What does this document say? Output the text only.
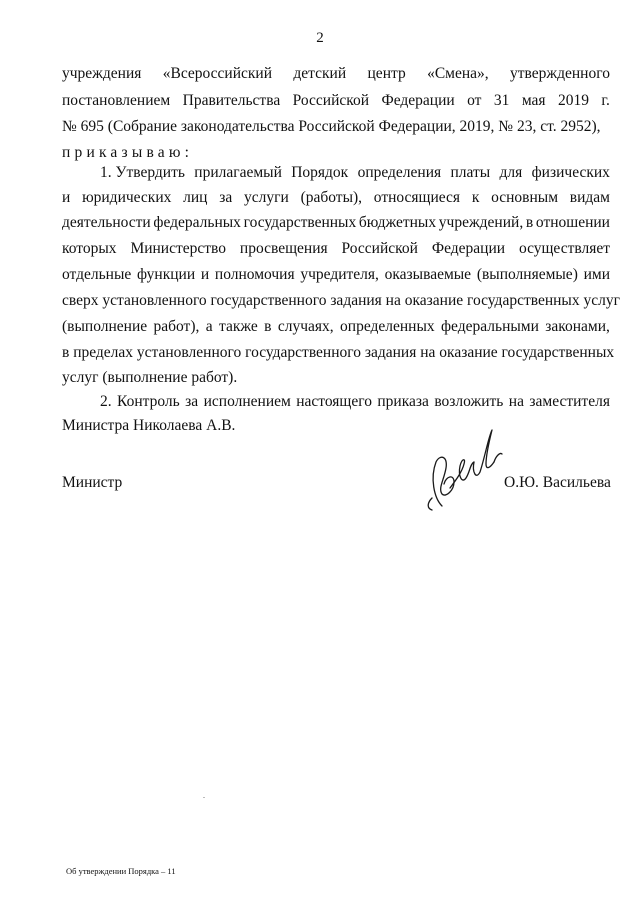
2
учреждения «Всероссийский детский центр «Смена», утвержденного
постановлением Правительства Российской Федерации от 31 мая 2019 г.
№ 695 (Собрание законодательства Российской Федерации, 2019, № 23, ст. 2952),
приказываю:
1. Утвердить прилагаемый Порядок определения платы для физических
и юридических лиц за услуги (работы), относящиеся к основным видам
деятельности федеральных государственных бюджетных учреждений, в отношении
которых Министерство просвещения Российской Федерации осуществляет
отдельные функции и полномочия учредителя, оказываемые (выполняемые) ими
сверх установленного государственного задания на оказание государственных услуг
(выполнение работ), а также в случаях, определенных федеральными законами,
в пределах установленного государственного задания на оказание государственных
услуг (выполнение работ).
2. Контроль за исполнением настоящего приказа возложить на заместителя
Министра Николаева А.В.
Министр	О.Ю. Васильева
Об утверждении Порядка – 11
